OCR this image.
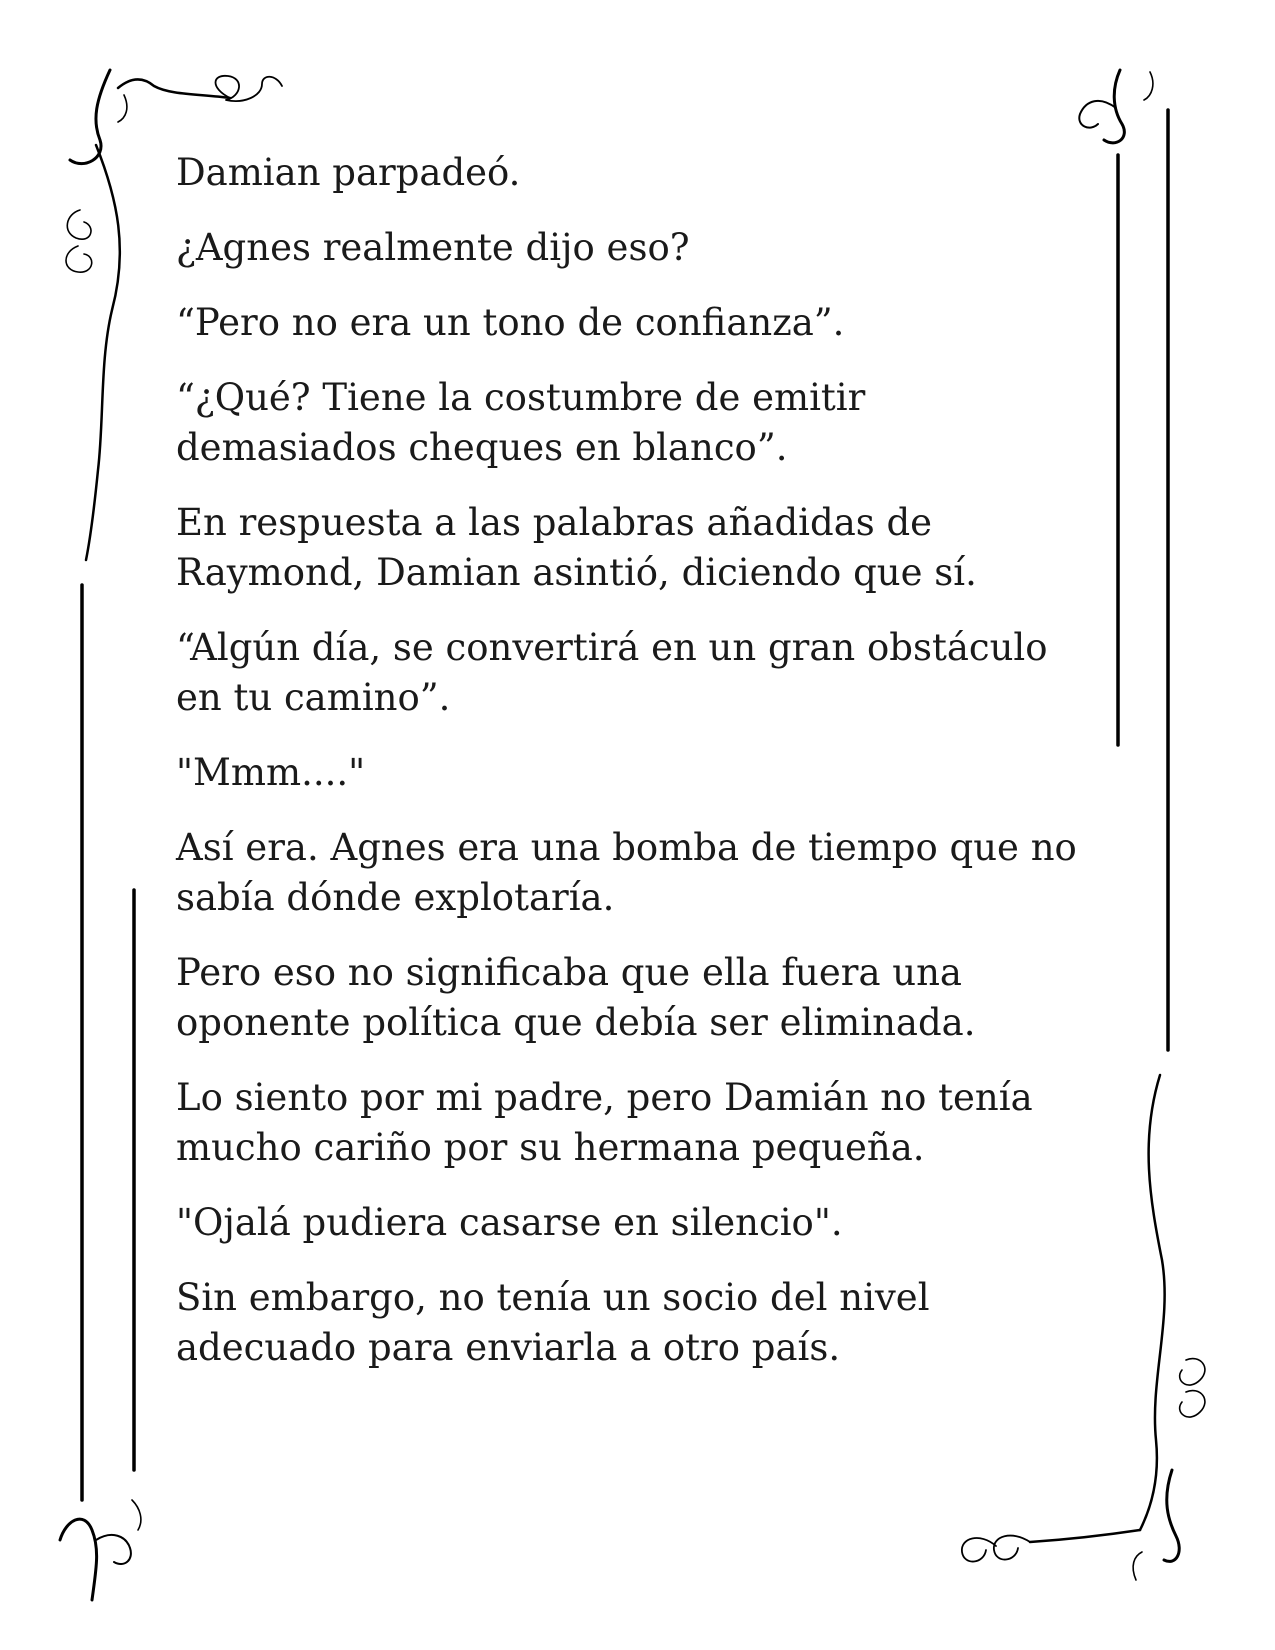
Damian parpadeó.

¿Agnes realmente dijo eso?

“Pero no era un tono de confianza”.

“¿Qué? Tiene la costumbre de emitir
demasiados cheques en blanco”.

En respuesta a las palabras añadidas de
Raymond, Damian asintió, diciendo que sí.

“Algún día, se convertirá en un gran obstáculo
en tu camino”.

"Mmm...."

Así era. Agnes era una bomba de tiempo que no
sabía dónde explotaría.

Pero eso no significaba que ella fuera una
oponente política que debía ser eliminada.

Lo siento por mi padre, pero Damián no tenía
mucho cariño por su hermana pequeña.

"Ojalá pudiera casarse en silencio".

Sin embargo, no tenía un socio del nivel
adecuado para enviarla a otro país.
